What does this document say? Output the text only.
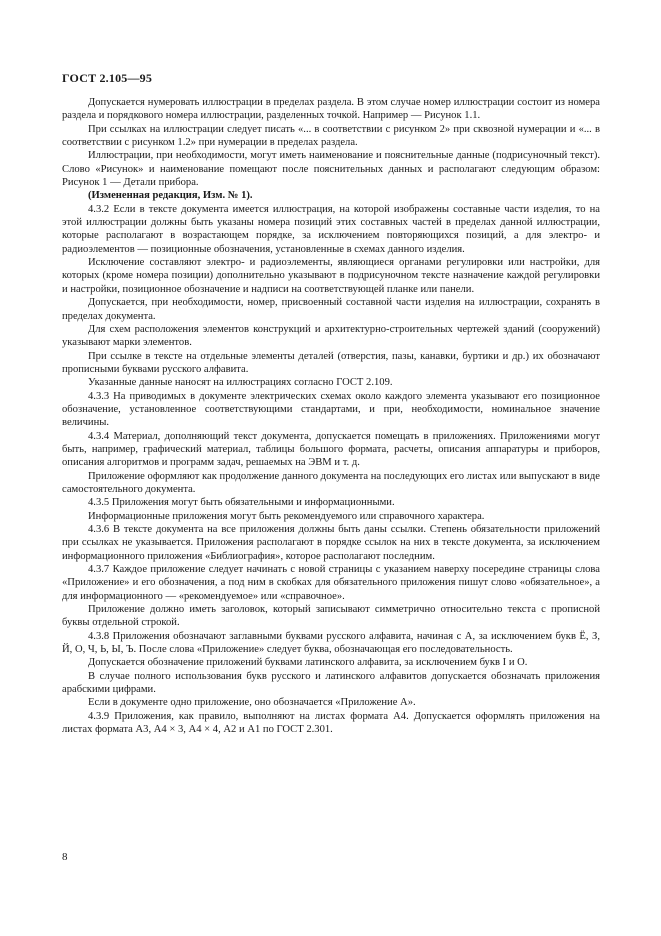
ГОСТ 2.105—95

Допускается нумеровать иллюстрации в пределах раздела. В этом случае номер иллюстрации состоит из номера раздела и порядкового номера иллюстрации, разделенных точкой. Например — Рисунок 1.1.

При ссылках на иллюстрации следует писать «... в соответствии с рисунком 2» при сквозной нумерации и «... в соответствии с рисунком 1.2» при нумерации в пределах раздела.

Иллюстрации, при необходимости, могут иметь наименование и пояснительные данные (подрисуночный текст). Слово «Рисунок» и наименование помещают после пояснительных данных и располагают следующим образом: Рисунок 1 — Детали прибора.

(Измененная редакция, Изм. № 1).

4.3.2 Если в тексте документа имеется иллюстрация, на которой изображены составные части изделия, то на этой иллюстрации должны быть указаны номера позиций этих составных частей в пределах данной иллюстрации, которые располагают в возрастающем порядке, за исключением повторяющихся позиций, а для электро- и радиоэлементов — позиционные обозначения, установленные в схемах данного изделия.

Исключение составляют электро- и радиоэлементы, являющиеся органами регулировки или настройки, для которых (кроме номера позиции) дополнительно указывают в подрисуночном тексте назначение каждой регулировки и настройки, позиционное обозначение и надписи на соответствующей планке или панели.

Допускается, при необходимости, номер, присвоенный составной части изделия на иллюстрации, сохранять в пределах документа.

Для схем расположения элементов конструкций и архитектурно-строительных чертежей зданий (сооружений) указывают марки элементов.

При ссылке в тексте на отдельные элементы деталей (отверстия, пазы, канавки, буртики и др.) их обозначают прописными буквами русского алфавита.

Указанные данные наносят на иллюстрациях согласно ГОСТ 2.109.

4.3.3 На приводимых в документе электрических схемах около каждого элемента указывают его позиционное обозначение, установленное соответствующими стандартами, и при, необходимости, номинальное значение величины.

4.3.4 Материал, дополняющий текст документа, допускается помещать в приложениях. Приложениями могут быть, например, графический материал, таблицы большого формата, расчеты, описания аппаратуры и приборов, описания алгоритмов и программ задач, решаемых на ЭВМ и т. д.

Приложение оформляют как продолжение данного документа на последующих его листах или выпускают в виде самостоятельного документа.

4.3.5 Приложения могут быть обязательными и информационными.

Информационные приложения могут быть рекомендуемого или справочного характера.

4.3.6 В тексте документа на все приложения должны быть даны ссылки. Степень обязательности приложений при ссылках не указывается. Приложения располагают в порядке ссылок на них в тексте документа, за исключением информационного приложения «Библиография», которое располагают последним.

4.3.7 Каждое приложение следует начинать с новой страницы с указанием наверху посередине страницы слова «Приложение» и его обозначения, а под ним в скобках для обязательного приложения пишут слово «обязательное», а для информационного — «рекомендуемое» или «справочное».

Приложение должно иметь заголовок, который записывают симметрично относительно текста с прописной буквы отдельной строкой.

4.3.8 Приложения обозначают заглавными буквами русского алфавита, начиная с А, за исключением букв Ё, З, Й, О, Ч, Ь, Ы, Ъ. После слова «Приложение» следует буква, обозначающая его последовательность.

Допускается обозначение приложений буквами латинского алфавита, за исключением букв I и O.

В случае полного использования букв русского и латинского алфавитов допускается обозначать приложения арабскими цифрами.

Если в документе одно приложение, оно обозначается «Приложение А».

4.3.9 Приложения, как правило, выполняют на листах формата А4. Допускается оформлять приложения на листах формата А3, А4 × 3, А4 × 4, А2 и А1 по ГОСТ 2.301.

8
